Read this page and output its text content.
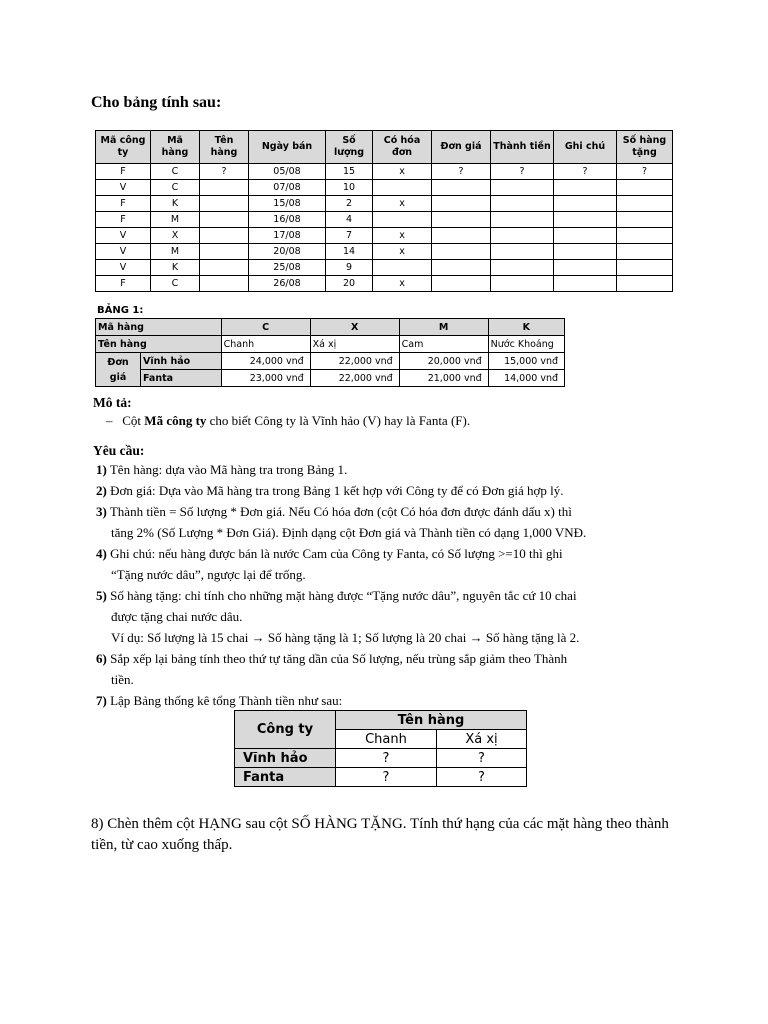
Cho bảng tính sau:
Mã công ty	Mã hàng	Tên hàng	Ngày bán	Số lượng	Có hóa đơn	Đơn giá	Thành tiền	Ghi chú	Số hàng tặng
F	C	?	05/08	15	x	?	?	?	?
V	C		07/08	10					
F	K		15/08	2	x				
F	M		16/08	4					
V	X		17/08	7	x				
V	M		20/08	14	x				
V	K		25/08	9					
F	C		26/08	20	x				
BẢNG 1:
Mã hàng		C	X	M	K
Tên hàng		Chanh	Xá xị	Cam	Nước Khoáng
Đơn giá	Vĩnh hảo	24,000 vnđ	22,000 vnđ	20,000 vnđ	15,000 vnđ
	Fanta	23,000 vnđ	22,000 vnđ	21,000 vnđ	14,000 vnđ
Mô tả:
– Cột Mã công ty cho biết Công ty là Vĩnh hảo (V) hay là Fanta (F).
Yêu cầu:
1) Tên hàng: dựa vào Mã hàng tra trong Bảng 1.
2) Đơn giá: Dựa vào Mã hàng tra trong Bảng 1 kết hợp với Công ty để có Đơn giá hợp lý.
3) Thành tiền = Số lượng * Đơn giá. Nếu Có hóa đơn (cột Có hóa đơn được đánh dấu x) thì
tăng 2% (Số Lượng * Đơn Giá). Định dạng cột Đơn giá và Thành tiền có dạng 1,000 VNĐ.
4) Ghi chú: nếu hàng được bán là nước Cam của Công ty Fanta, có Số lượng >=10 thì ghi
“Tặng nước dâu”, ngược lại để trống.
5) Số hàng tặng: chỉ tính cho những mặt hàng được “Tặng nước dâu”, nguyên tắc cứ 10 chai
được tặng chai nước dâu.
Ví dụ: Số lượng là 15 chai → Số hàng tặng là 1; Số lượng là 20 chai → Số hàng tặng là 2.
6) Sắp xếp lại bảng tính theo thứ tự tăng dần của Số lượng, nếu trùng sắp giảm theo Thành
tiền.
7) Lập Bảng thống kê tổng Thành tiền như sau:
Công ty	Tên hàng	
	Chanh	Xá xị
Vĩnh hảo	?	?
Fanta	?	?
8) Chèn thêm cột HẠNG sau cột SỐ HÀNG TẶNG. Tính thứ hạng của các mặt hàng theo thành tiền, từ cao xuống thấp.
